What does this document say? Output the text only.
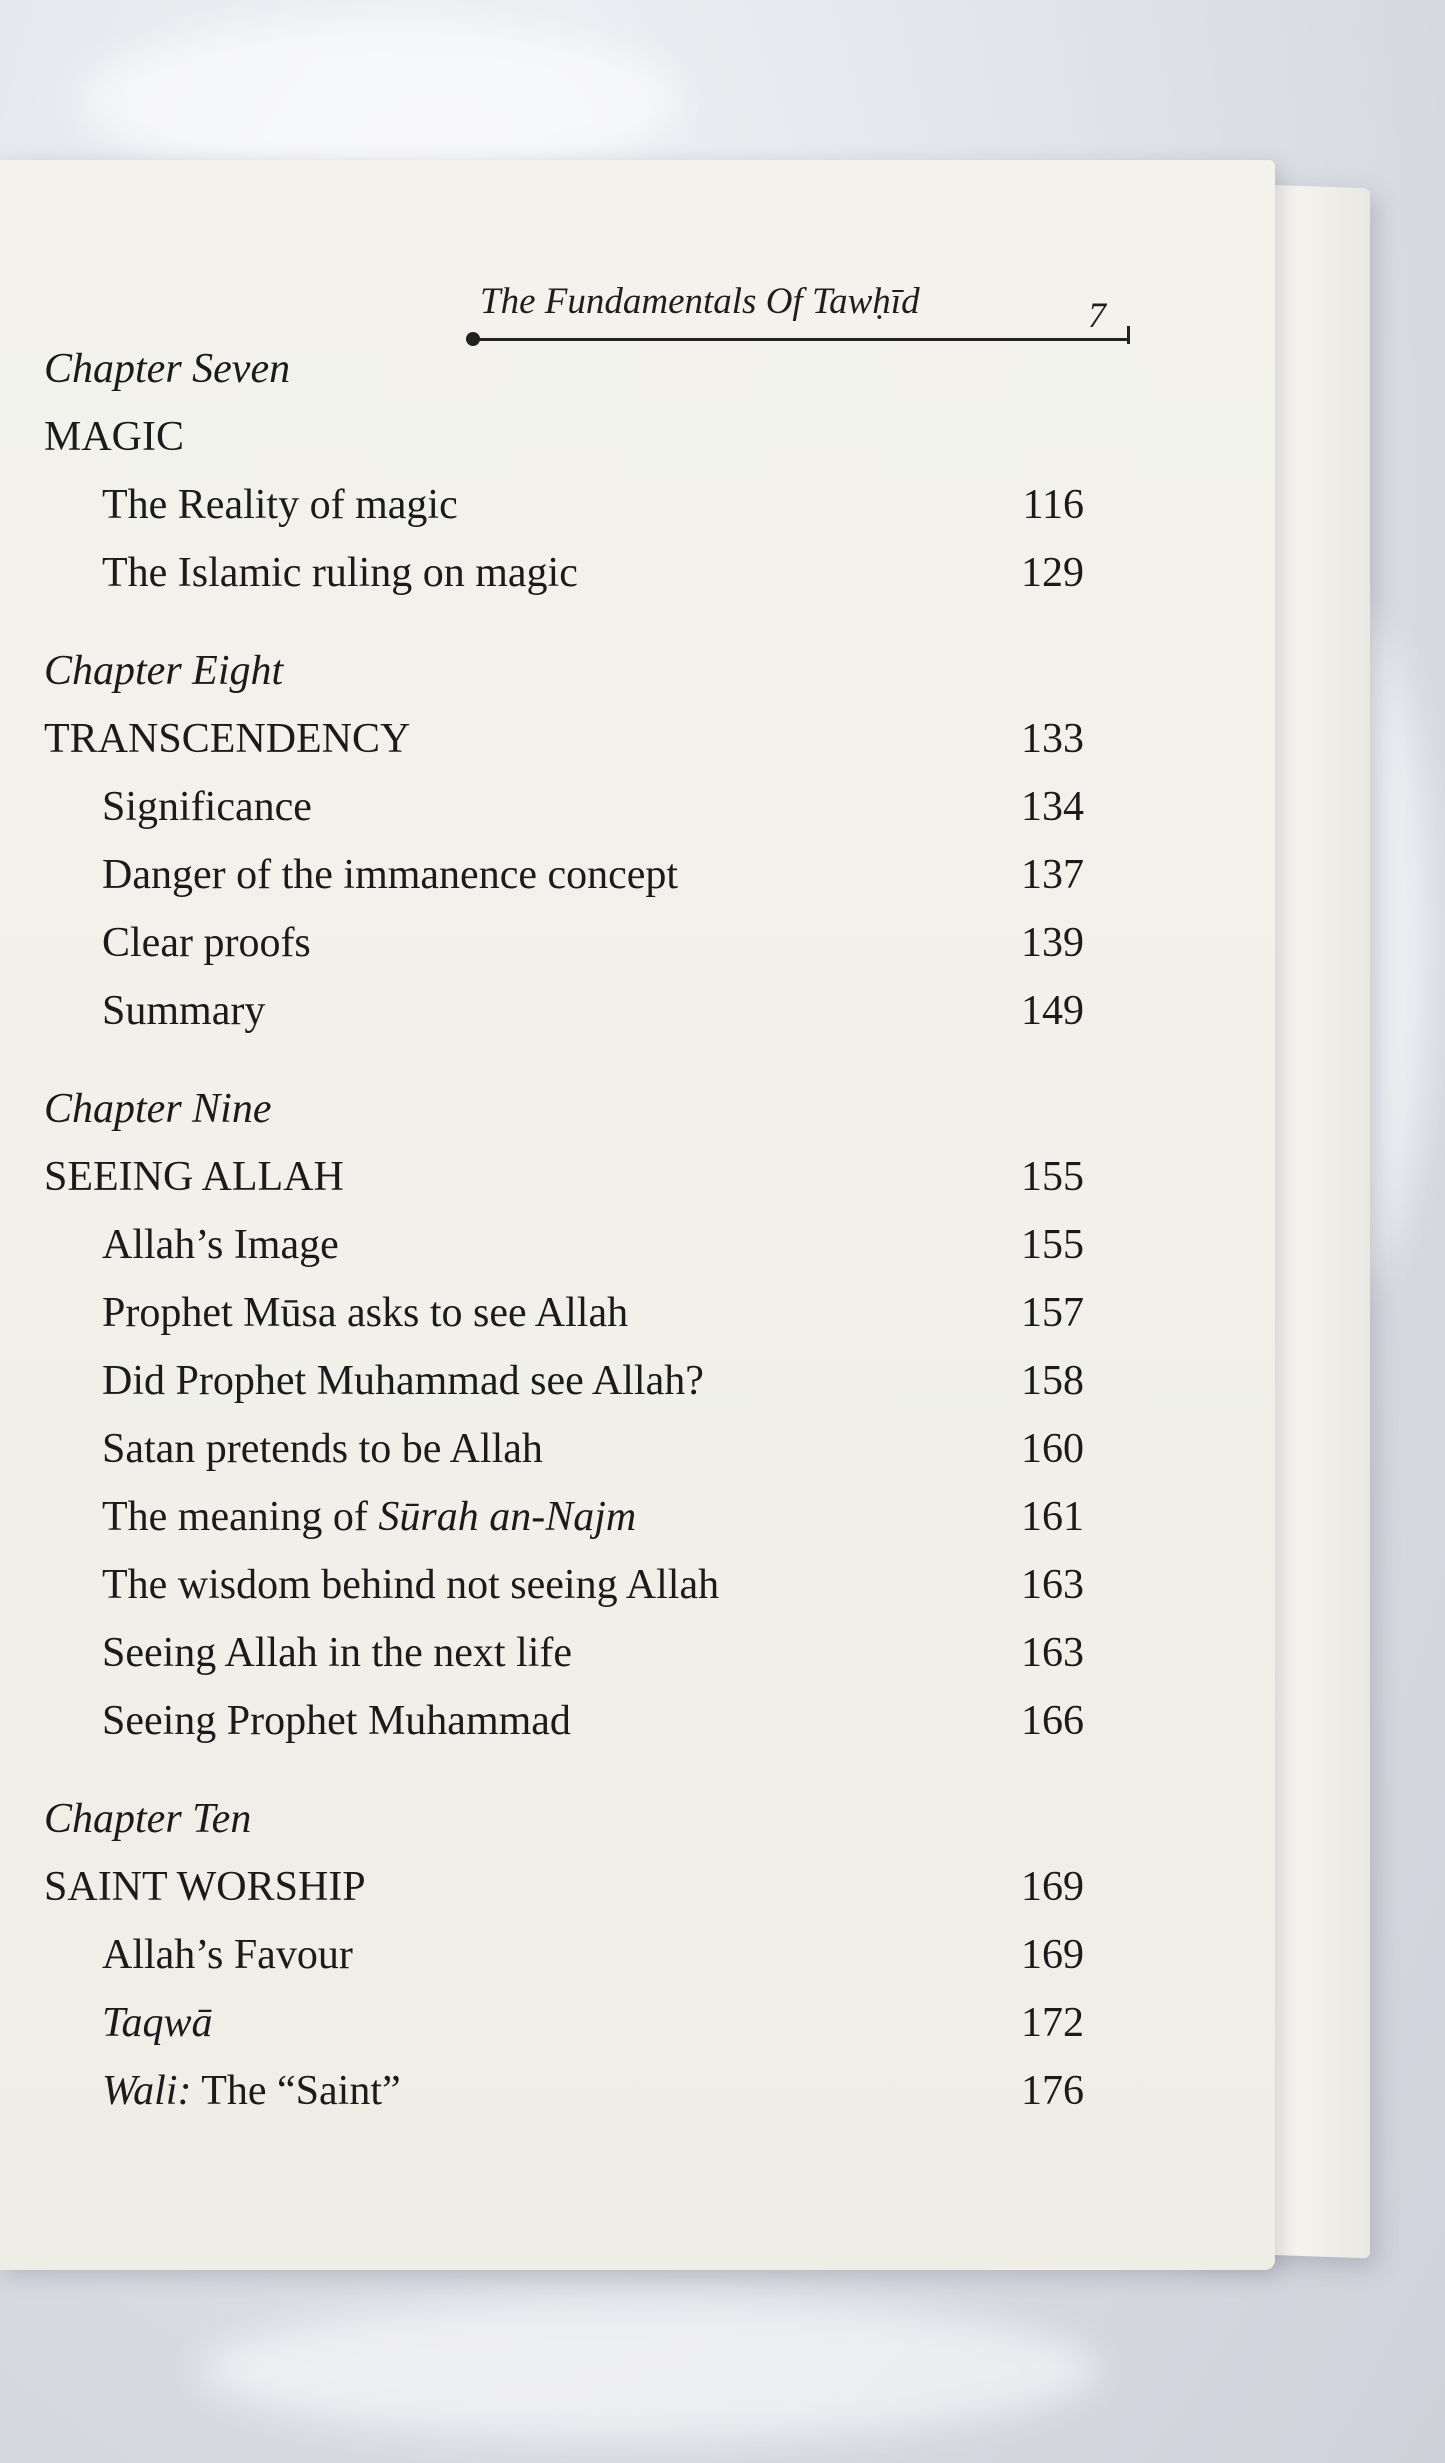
The Fundamentals Of Tawḥīd	7
Chapter Seven
MAGIC
The Reality of magic	116
The Islamic ruling on magic	129
Chapter Eight
TRANSCENDENCY	133
Significance	134
Danger of the immanence concept	137
Clear proofs	139
Summary	149
Chapter Nine
SEEING ALLAH	155
Allah’s Image	155
Prophet Mūsa asks to see Allah	157
Did Prophet Muhammad see Allah?	158
Satan pretends to be Allah	160
The meaning of Sūrah an-Najm	161
The wisdom behind not seeing Allah	163
Seeing Allah in the next life	163
Seeing Prophet Muhammad	166
Chapter Ten
SAINT WORSHIP	169
Allah’s Favour	169
Taqwā	172
Wali: The “Saint”	176
